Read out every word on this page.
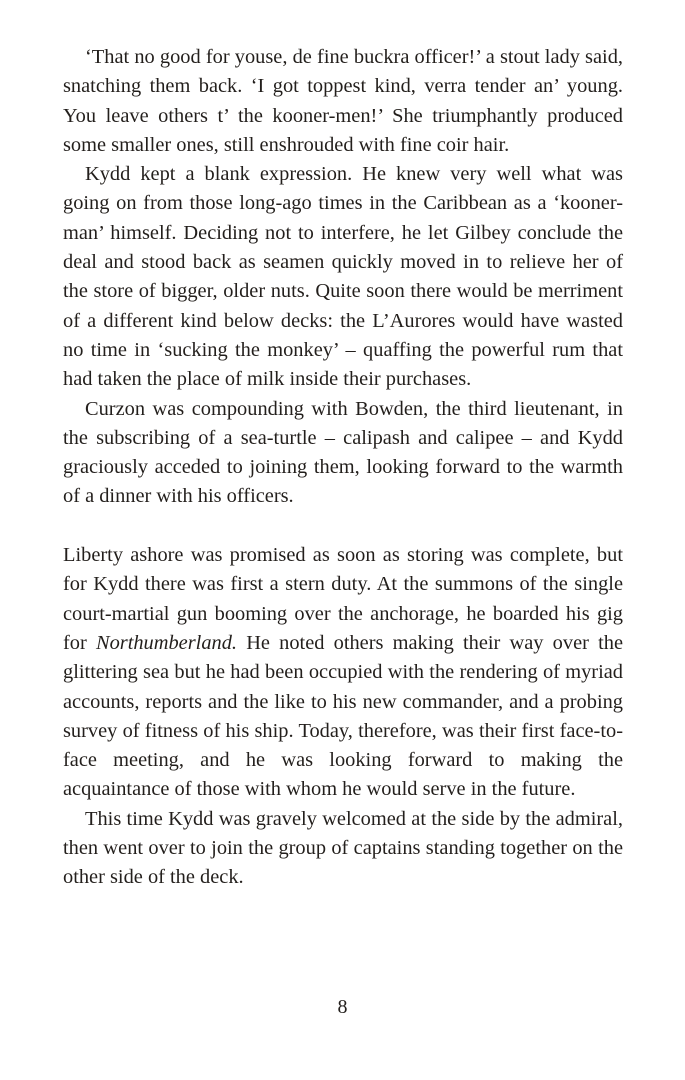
‘That no good for youse, de fine buckra officer!’ a stout lady said, snatching them back. ‘I got toppest kind, verra tender an’ young. You leave others t’ the kooner-men!’ She triumphantly produced some smaller ones, still enshrouded with fine coir hair.

Kydd kept a blank expression. He knew very well what was going on from those long-ago times in the Caribbean as a ‘kooner-man’ himself. Deciding not to interfere, he let Gilbey conclude the deal and stood back as seamen quickly moved in to relieve her of the store of bigger, older nuts. Quite soon there would be merriment of a different kind below decks: the L’Aurores would have wasted no time in ‘sucking the monkey’ – quaffing the powerful rum that had taken the place of milk inside their purchases.

Curzon was compounding with Bowden, the third lieutenant, in the subscribing of a sea-turtle – calipash and calipee – and Kydd graciously acceded to joining them, looking forward to the warmth of a dinner with his officers.

Liberty ashore was promised as soon as storing was complete, but for Kydd there was first a stern duty. At the summons of the single court-martial gun booming over the anchorage, he boarded his gig for Northumberland. He noted others making their way over the glittering sea but he had been occupied with the rendering of myriad accounts, reports and the like to his new commander, and a probing survey of fitness of his ship. Today, therefore, was their first face-to-face meeting, and he was looking forward to making the acquaintance of those with whom he would serve in the future.

This time Kydd was gravely welcomed at the side by the admiral, then went over to join the group of captains standing together on the other side of the deck.

8
